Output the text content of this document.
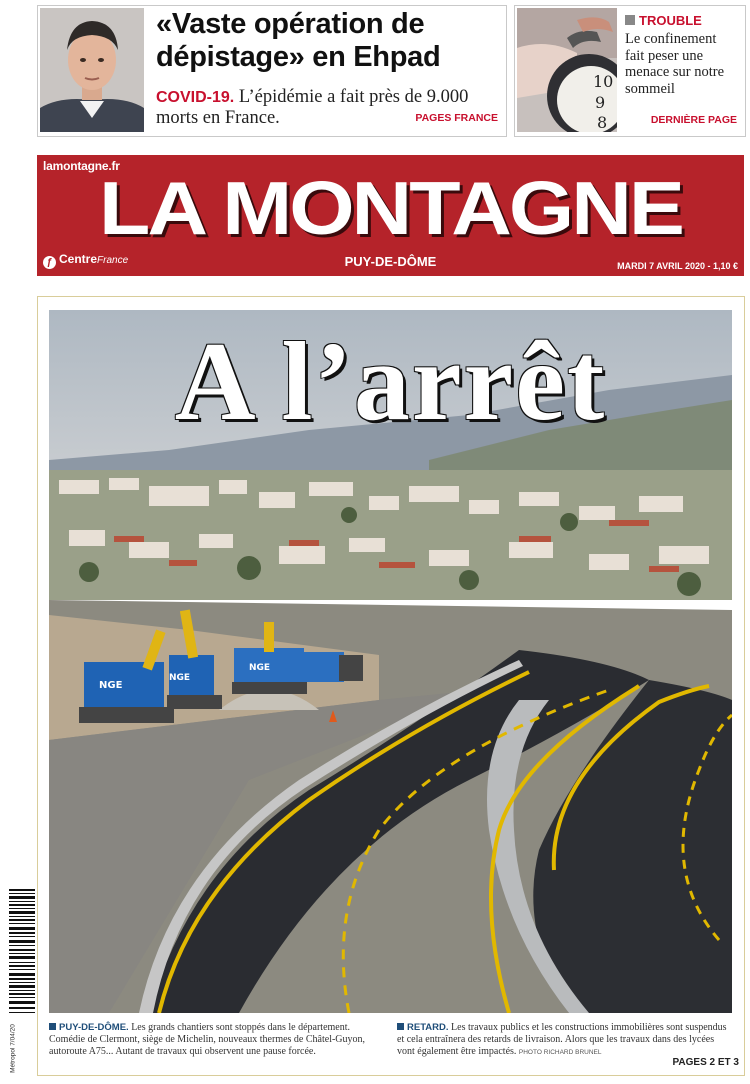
«Vaste opération de dépistage» en Ehpad
COVID-19. L’épidémie a fait près de 9.000 morts en France.	PAGES FRANCE
10
9
8
TROUBLE
Le confinement fait peser une menace sur notre sommeil
DERNIÈRE PAGE
lamontagne.fr
LA MONTAGNE
ƒ CentreFrance	PUY-DE-DÔME	MARDI 7 AVRIL 2020 - 1,10 €
NGE
NGE
NGE
A l’arrêt
PUY-DE-DÔME. Les grands chantiers sont stoppés dans le département. Comédie de Clermont, siège de Michelin, nouveaux thermes de Châtel-Guyon, autoroute A75... Autant de travaux qui observent une pause forcée.
RETARD. Les travaux publics et les constructions immobilières sont suspendus et cela entraînera des retards de livraison. Alors que les travaux dans des lycées vont également être impactés. PHOTO RICHARD BRUNEL
PAGES 2 ET 3
Métropol 7/04/20
